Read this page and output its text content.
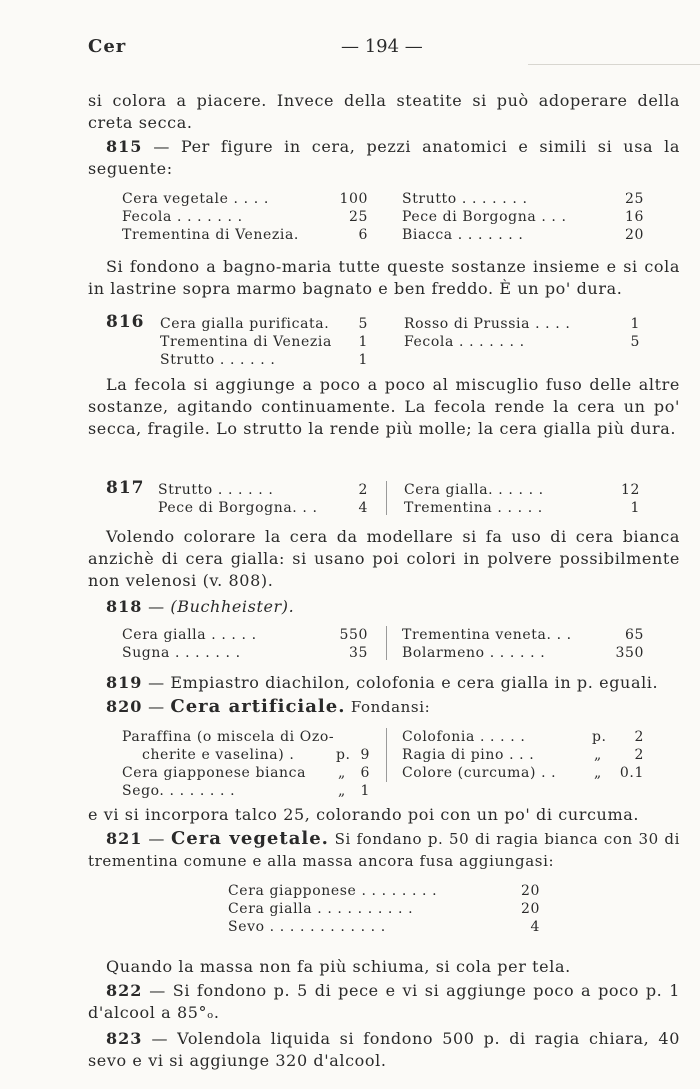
Cer	— 194 —
si colora a piacere. Invece della steatite si può adoperare della creta secca.
815 — Per figure in cera, pezzi anatomici e simili si usa la seguente:
Cera vegetale . . . .	100 Strutto . . . . . . .	25
Fecola . . . . . . .	25 Pece di Borgogna . . .	16
Trementina di Venezia.	6 Biacca . . . . . . .	20
Si fondono a bagno-maria tutte queste sostanze insieme e si cola in lastrine sopra marmo bagnato e ben freddo. È un po' dura.
816 Cera gialla purificata.	5	Rosso di Prussia . . . .	1
Trementina di Venezia	1	Fecola . . . . . . .	5
Strutto . . . . . .	1
La fecola si aggiunge a poco a poco al miscuglio fuso delle altre sostanze, agitando continuamente. La fecola rende la cera un po' secca, fragile. Lo strutto la rende più molle; la cera gialla più dura.
817 Strutto . . . . . .	2	Cera gialla. . . . . .	12
Pece di Borgogna. . .	4	Trementina . . . . .	1
Volendo colorare la cera da modellare si fa uso di cera bianca anzichè di cera gialla: si usano poi colori in polvere possibilmente non velenosi (v. 808).
818 — (Buchheister).
Cera gialla . . . . .	550 Trementina veneta. . .	65
Sugna . . . . . . .	35 Bolarmeno . . . . . .	350
819 — Empiastro diachilon, colofonia e cera gialla in p. eguali.
820 — Cera artificiale. Fondansi:
Paraffina (o miscela di Ozo-	Colofonia . . . . .	p.	2
cherite e vaselina) .	p. 9 Ragia di pino . . .	„	2
Cera giapponese bianca „	6 Colore (curcuma) . .	„	0.1
Sego. . . . . . . .	„	1
e vi si incorpora talco 25, colorando poi con un po' di curcuma.
821 — Cera vegetale. Si fondano p. 50 di ragia bianca con 30 di trementina comune e alla massa ancora fusa aggiungasi:
Cera giapponese . . . . . . . .	20
Cera gialla . . . . . . . . . .	20
Sevo . . . . . . . . . . . .	4
Quando la massa non fa più schiuma, si cola per tela.
822 — Si fondono p. 5 di pece e vi si aggiunge poco a poco p. 1 d'alcool a 85°ₒ.
823 — Volendola liquida si fondono 500 p. di ragia chiara, 40 sevo e vi si aggiunge 320 d'alcool.
